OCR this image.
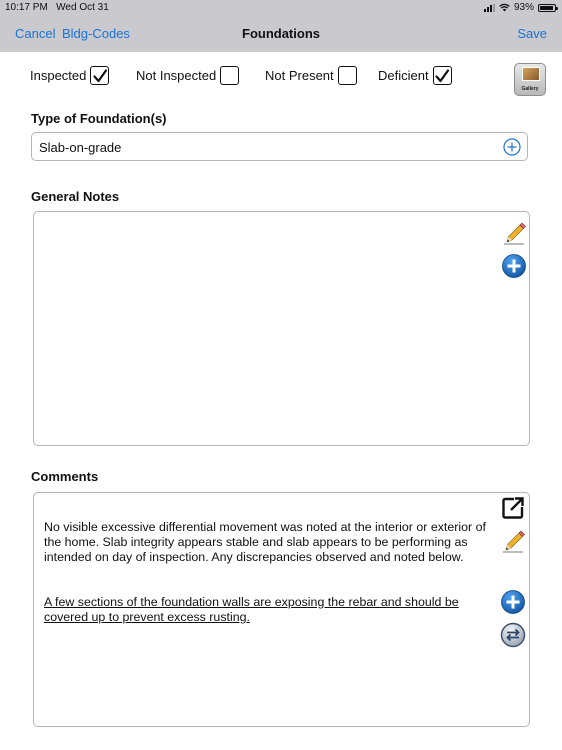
10:17 PM Wed Oct 31	93%
Cancel Bldg-Codes	Foundations	Save
Inspected	Not Inspected	Not Present	Deficient
Gallery
Type of Foundation(s)
Slab-on-grade
General Notes
Comments
No visible excessive differential movement was noted at the interior or exterior of the home. Slab integrity appears stable and slab appears to be performing as intended on day of inspection. Any discrepancies observed and noted below.
A few sections of the foundation walls are exposing the rebar and should be covered up to prevent excess rusting.
